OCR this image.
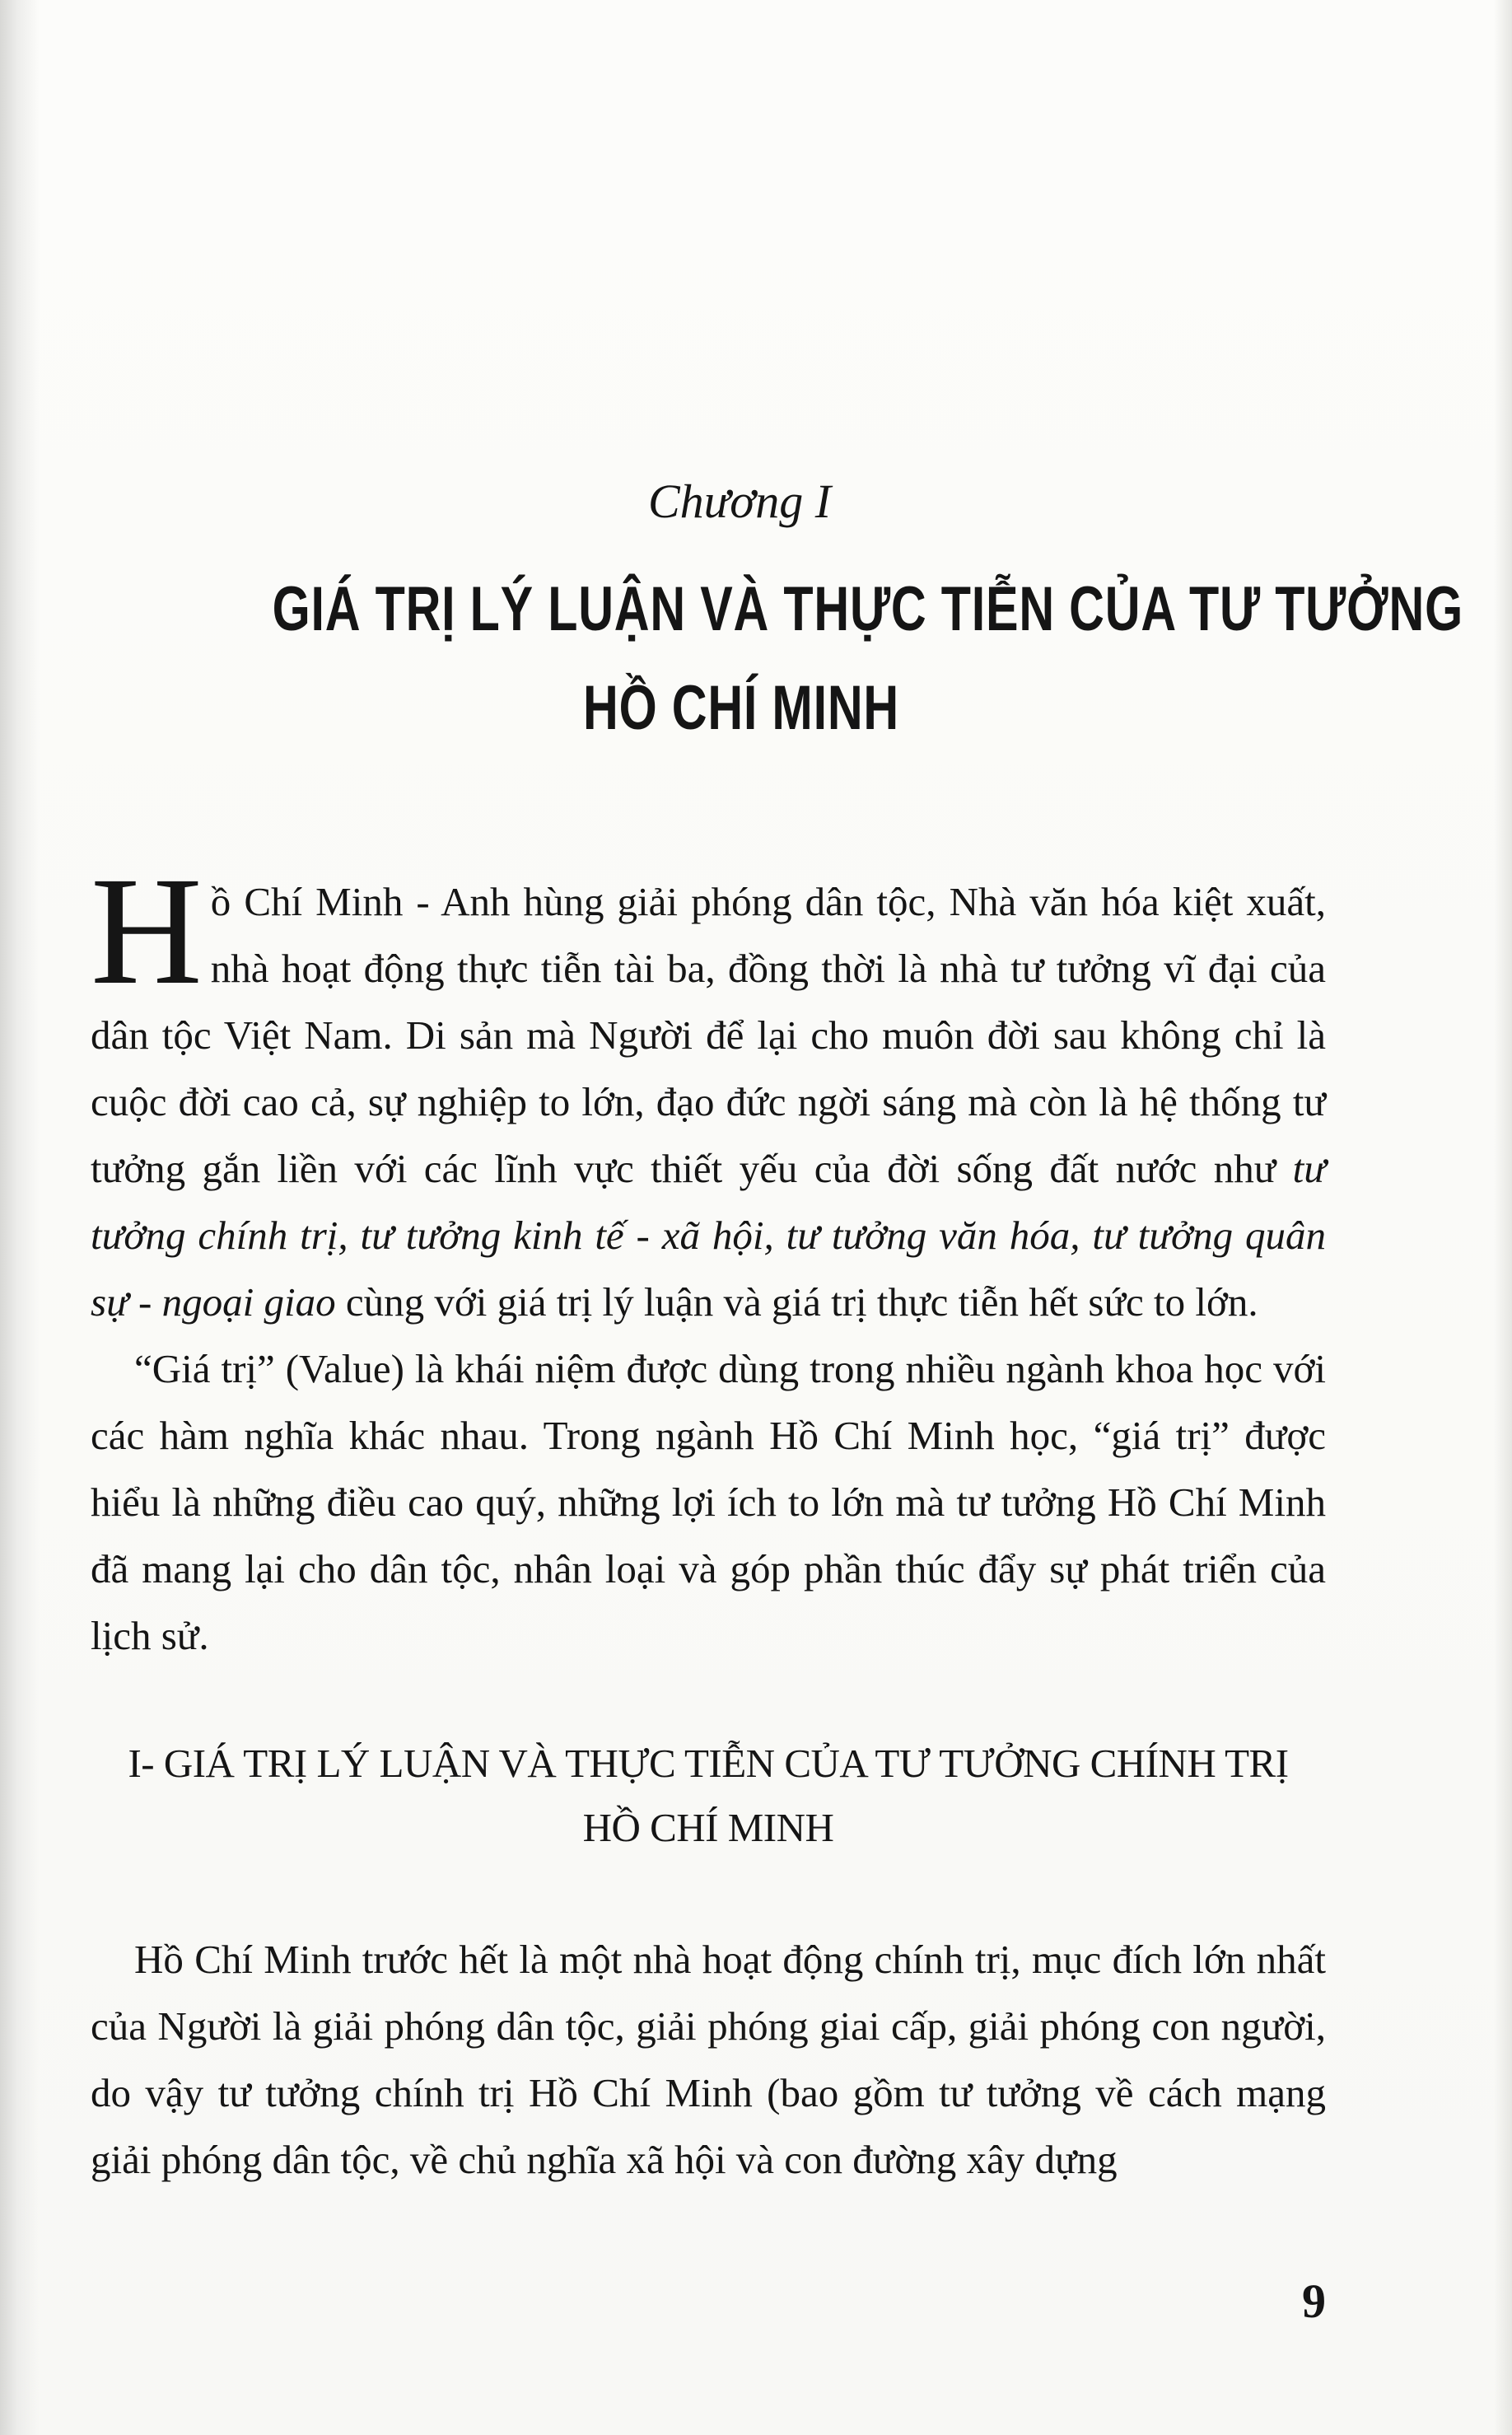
Chương I
GIÁ TRỊ LÝ LUẬN VÀ THỰC TIỄN CỦA TƯ TƯỞNG
HỒ CHÍ MINH

Hồ Chí Minh - Anh hùng giải phóng dân tộc, Nhà văn hóa kiệt xuất, nhà hoạt động thực tiễn tài ba, đồng thời là nhà tư tưởng vĩ đại của dân tộc Việt Nam. Di sản mà Người để lại cho muôn đời sau không chỉ là cuộc đời cao cả, sự nghiệp to lớn, đạo đức ngời sáng mà còn là hệ thống tư tưởng gắn liền với các lĩnh vực thiết yếu của đời sống đất nước như tư tưởng chính trị, tư tưởng kinh tế - xã hội, tư tưởng văn hóa, tư tưởng quân sự - ngoại giao cùng với giá trị lý luận và giá trị thực tiễn hết sức to lớn.

“Giá trị” (Value) là khái niệm được dùng trong nhiều ngành khoa học với các hàm nghĩa khác nhau. Trong ngành Hồ Chí Minh học, “giá trị” được hiểu là những điều cao quý, những lợi ích to lớn mà tư tưởng Hồ Chí Minh đã mang lại cho dân tộc, nhân loại và góp phần thúc đẩy sự phát triển của lịch sử.

I- GIÁ TRỊ LÝ LUẬN VÀ THỰC TIỄN CỦA TƯ TƯỞNG CHÍNH TRỊ
HỒ CHÍ MINH

Hồ Chí Minh trước hết là một nhà hoạt động chính trị, mục đích lớn nhất của Người là giải phóng dân tộc, giải phóng giai cấp, giải phóng con người, do vậy tư tưởng chính trị Hồ Chí Minh (bao gồm tư tưởng về cách mạng giải phóng dân tộc, về chủ nghĩa xã hội và con đường xây dựng

9
